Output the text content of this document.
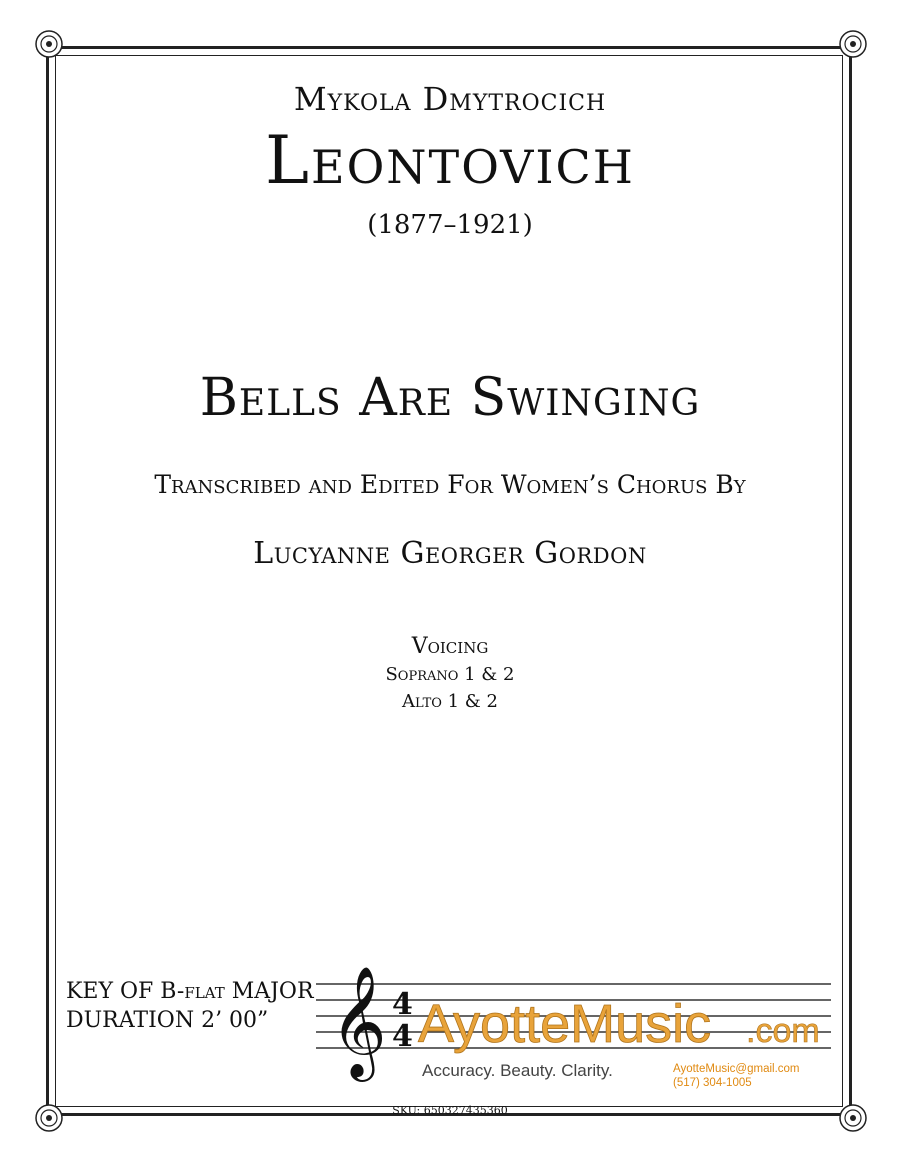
Mykola Dmytrocich
Leontovich
(1877–1921)
Bells Are Swinging
Transcribed and Edited For Women’s Chorus By
Lucyanne Georger Gordon
Voicing
Soprano 1 & 2
Alto 1 & 2
KEY OF B-flat MAJOR
DURATION 2’ 00” 𝄞 4
4 AyotteMusic .com
Accuracy. Beauty. Clarity.	AyotteMusic@gmail.com
(517) 304-1005
SKU: 650327435360
